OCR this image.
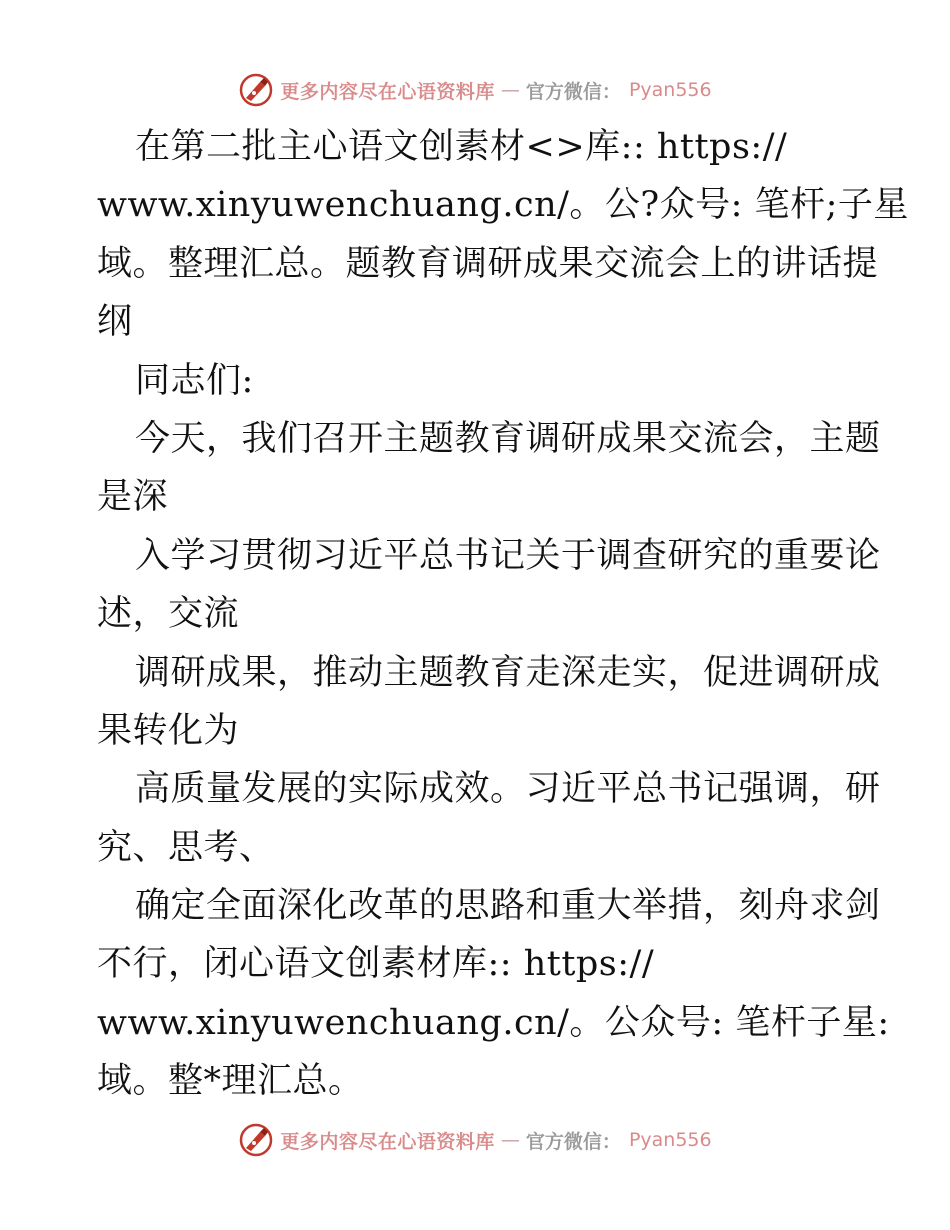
更多内容尽在心语资料库 — 官方微信： Pyan556
在第二批主心语文创素材<>库:: https://
www.xinyuwenchuang.cn/。公?众号: 笔杆;子星
域。整理汇总。题教育调研成果交流会上的讲话提
纲
同志们:
今天，我们召开主题教育调研成果交流会，主题
是深
入学习贯彻习近平总书记关于调查研究的重要论
述，交流
调研成果，推动主题教育走深走实，促进调研成
果转化为
高质量发展的实际成效。习近平总书记强调，研
究、思考、
确定全面深化改革的思路和重大举措，刻舟求剑
不行，闭心语文创素材库:: https://
www.xinyuwenchuang.cn/。公众号: 笔杆子星:
域。整*理汇总。
更多内容尽在心语资料库 — 官方微信： Pyan556
